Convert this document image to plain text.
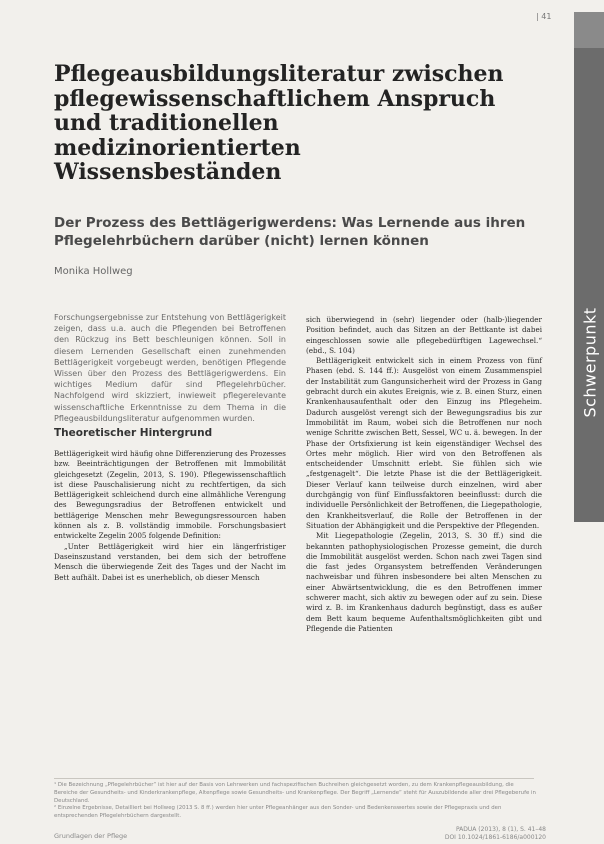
| 41
Schwerpunkt
Pflegeausbildungsliteratur zwischen pflegewissenschaftlichem Anspruch und traditionellen medizinorientierten Wissensbeständen
Der Prozess des Bettlägerigwerdens: Was Lernende aus ihren Pflegelehrbüchern darüber (nicht) lernen können
Monika Hollweg

Forschungsergebnisse zur Entstehung von Bettlägerigkeit zeigen, dass u.a. auch die Pflegenden bei Betroffenen den Rückzug ins Bett beschleunigen können. Soll in diesem Lernenden Gesellschaft einen zunehmenden Bettlägerigkeit vorgebeugt werden, benötigen Pflegende Wissen über den Prozess des Bettlägerigwerdens. Ein wichtiges Medium dafür sind Pflegelehrbücher. Nachfolgend wird skizziert, inwieweit pflegerelevante wissenschaftliche Erkenntnisse zu dem Thema in die Pflegeausbildungsliteratur aufgenommen wurden.

Theoretischer Hintergrund

Bettlägerigkeit wird häufig ohne Differenzierung des Prozesses bzw. Beeinträchtigungen der Betroffenen mit Immobilität gleichgesetzt (Zegelin, 2013, S. 190). Pflegewissenschaftlich ist diese Pauschalisierung nicht zu rechtfertigen, da sich Bettlägerigkeit schleichend durch eine allmähliche Verengung des Bewegungsradius der Betroffenen entwickelt und bettlägerige Menschen mehr Bewegungsressourcen haben können als z. B. vollständig immobile. Forschungsbasiert entwickelte Zegelin 2005 folgende Definition:

„Unter Bettlägerigkeit wird hier ein längerfristiger Daseinszustand verstanden, bei dem sich der betroffene Mensch die überwiegende Zeit des Tages und der Nacht im Bett aufhält. Dabei ist es unerheblich, ob dieser Mensch

sich überwiegend in (sehr) liegender oder (halb-)liegender Position befindet, auch das Sitzen an der Bettkante ist dabei eingeschlossen sowie alle pflegebedürftigen Lagewechsel.“ (ebd., S. 104)

Bettlägerigkeit entwickelt sich in einem Prozess von fünf Phasen (ebd. S. 144 ff.): Ausgelöst von einem Zusammenspiel der Instabilität zum Gangunsicherheit wird der Prozess in Gang gebracht durch ein akutes Ereignis, wie z. B. einen Sturz, einen Krankenhausaufenthalt oder den Einzug ins Pflegeheim. Dadurch ausgelöst verengt sich der Bewegungsradius bis zur Immobilität im Raum, wobei sich die Betroffenen nur noch wenige Schritte zwischen Bett, Sessel, WC u. ä. bewegen. In der Phase der Ortsfixierung ist kein eigenständiger Wechsel des Ortes mehr möglich. Hier wird von den Betroffenen als entscheidender Umschnitt erlebt. Sie fühlen sich wie „festgenagelt“. Die letzte Phase ist die der Bettlägerigkeit. Dieser Verlauf kann teilweise durch einzelnen, wird aber durchgängig von fünf Einflussfaktoren beeinflusst: durch die individuelle Persönlichkeit der Betroffenen, die Liegepathologie, den Krankheitsverlauf, die Rolle der Betroffenen in der Situation der Abhängigkeit und die Perspektive der Pflegenden.

Mit Liegepathologie (Zegelin, 2013, S. 30 ff.) sind die bekannten pathophysiologischen Prozesse gemeint, die durch die Immobilität ausgelöst werden. Schon nach zwei Tagen sind die fast jedes Organsystem betreffenden Veränderungen nachweisbar und führen insbesondere bei alten Menschen zu einer Abwärtsentwicklung, die es den Betroffenen immer schwerer macht, sich aktiv zu bewegen oder auf zu sein. Diese wird z. B. im Krankenhaus dadurch begünstigt, dass es außer dem Bett kaum bequeme Aufenthaltsmöglichkeiten gibt und Pflegende die Patienten

¹ Die Bezeichnung „Pflegelehrbücher“ ist hier auf der Basis von Lehrwerken und fachspezifischen Buchreihen gleichgesetzt worden, zu dem Krankenpflegeausbildung, die Bereiche der Gesundheits- und Kinderkrankenpflege, Altenpflege sowie Gesundheits- und Krankenpflege. Der Begriff „Lernende“ steht für Auszubildende aller drei Pflegeberufe in Deutschland.

² Einzelne Ergebnisse, Detailliert bei Hollweg (2013 S. 8 ff.) werden hier unter Pflegeanhänger aus den Sonder- und Bedenkenswertes sowie der Pflegepraxis und den entsprechenden Pflegelehrbüchern dargestellt.

Grundlagen der Pflege
PADUA (2013), 8 (1), S. 41–48
DOI 10.1024/1861-6186/a000120
